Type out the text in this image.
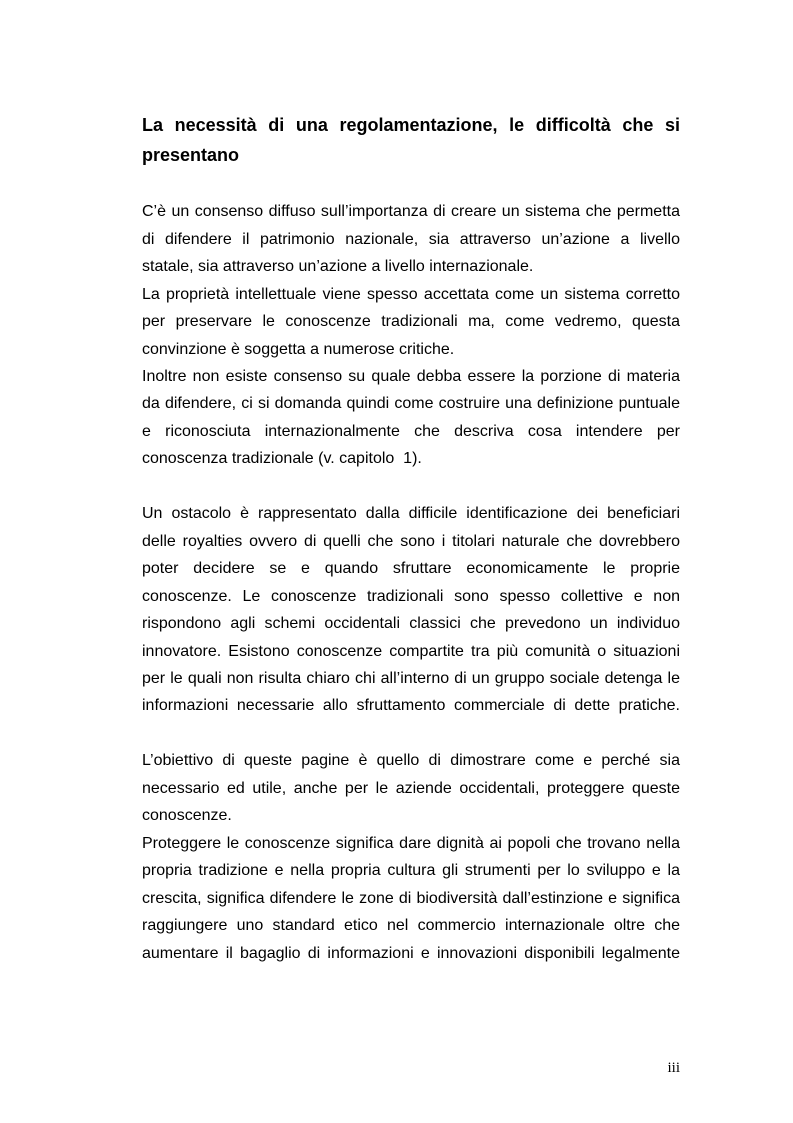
La necessità di una regolamentazione, le difficoltà che si
presentano
C’è un consenso diffuso sull’importanza di creare un sistema che permetta
di difendere il patrimonio nazionale, sia attraverso un’azione a livello
statale, sia attraverso un’azione a livello internazionale.
La proprietà intellettuale viene spesso accettata come un sistema corretto
per preservare le conoscenze tradizionali ma, come vedremo, questa
convinzione è soggetta a numerose critiche.
Inoltre non esiste consenso su quale debba essere la porzione di materia
da difendere, ci si domanda quindi come costruire una definizione puntuale
e riconosciuta internazionalmente che descriva cosa intendere per
conoscenza tradizionale (v. capitolo  1).
Un ostacolo è rappresentato dalla difficile identificazione dei beneficiari
delle royalties ovvero di quelli che sono i titolari naturale che dovrebbero
poter decidere se e quando sfruttare economicamente le proprie
conoscenze. Le conoscenze tradizionali sono spesso collettive e non
rispondono agli schemi occidentali classici che prevedono un individuo
innovatore. Esistono conoscenze compartite tra più comunità o situazioni
per le quali non risulta chiaro chi all’interno di un gruppo sociale detenga le
informazioni necessarie allo sfruttamento commerciale di dette pratiche.
L’obiettivo di queste pagine è quello di dimostrare come e perché sia
necessario ed utile, anche per le aziende occidentali, proteggere queste
conoscenze.
Proteggere le conoscenze significa dare dignità ai popoli che trovano nella
propria tradizione e nella propria cultura gli strumenti per lo sviluppo e la
crescita, significa difendere le zone di biodiversità dall’estinzione e significa
raggiungere uno standard etico nel commercio internazionale oltre che
aumentare il bagaglio di informazioni e innovazioni disponibili legalmente
iii
